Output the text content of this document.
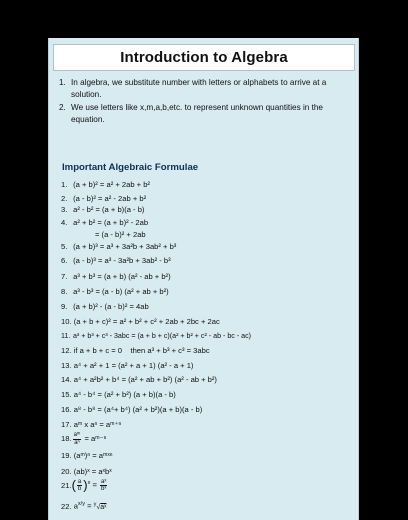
Introduction to Algebra
1. In algebra, we substitute number with letters or alphabets to arrive at a solution.
2. We use letters like x,m,a,b,etc. to represent unknown quantities in the equation.
Important Algebraic Formulae
1. (a + b)² = a² + 2ab + b²
2. (a - b)² = a² - 2ab + b²
3. a² - b² = (a + b)(a - b)
4. a² + b² = (a + b)² - 2ab
= (a - b)² + 2ab
5. (a + b)³ = a³ + 3a²b + 3ab² + b³
6. (a - b)³ = a³ - 3a²b + 3ab² - b³
7. a³ + b³ = (a + b) (a² - ab + b²)
8. a³ - b³ = (a - b) (a² + ab + b²)
9. (a + b)² - (a - b)² = 4ab
10. (a + b + c)² = a² + b² + c² + 2ab + 2bc + 2ac
11. a³ + b³ + c³ - 3abc = (a + b + c)(a² + b² + c² - ab - bc - ac)
12. if a + b + c = 0    then a³ + b³ + c³ = 3abc
13. a⁴ + a² + 1 = (a² + a + 1) (a² - a + 1)
14. a⁴ + a²b² + b⁴ = (a² + ab + b²) (a² - ab + b²)
15. a⁴ - b⁴ = (a² + b²) (a + b)(a - b)
16. a⁸ - b⁸ = (a⁴+ b⁴) (a² + b²)(a + b)(a - b)
17. aᵐ x aⁿ = aᵐ⁺ⁿ
18. $\frac{\text{aᵐ}}{\text{aⁿ}}$ = aᵐ⁻ⁿ
19. (aᵐ)ⁿ = aᵐˣⁿ
20. (ab)ˣ = aˣbˣ
$21.( \frac{a}{b} )^x = \frac{\text{aˣ}}{\text{bˣ}}$
22. $a^{x/y}$ = $^y$√aˣ
